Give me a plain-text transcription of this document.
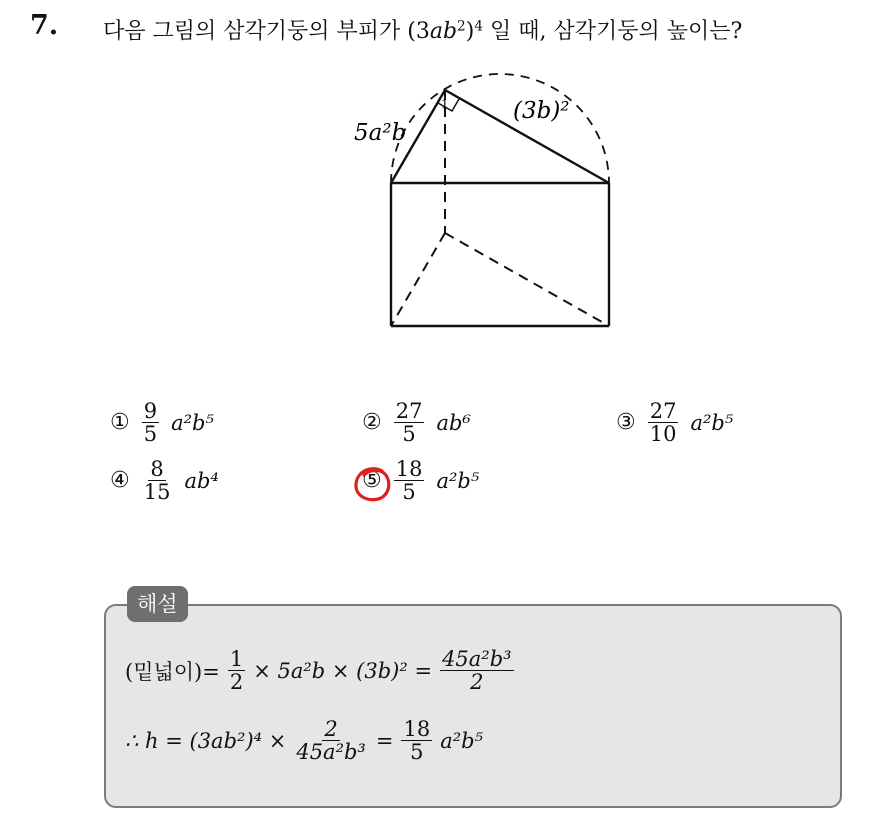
7. 다음 그림의 삼각기둥의 부피가 $(3ab^2)^4$ 일 때, 삼각기둥의 높이는?
5a²b
(3b)²
1
① $\frac{9}{5} a^2b^5$	② $\frac{27}{5} ab^6$	③ $\frac{27}{10} a^2b^5$
④ $\frac{8}{15} ab^4$	⑤ $\frac{18}{5} a^2b^5$
해설
(밑넓이)= $\frac{1}{2} \times 5a^2b \times (3b)^2 = \frac{\text{45a²b³}}{2}$
∴ $h = (3ab^2)^4 \times \frac{2}{\text{45a²b³}} = \frac{18}{5} a^2b^5$
